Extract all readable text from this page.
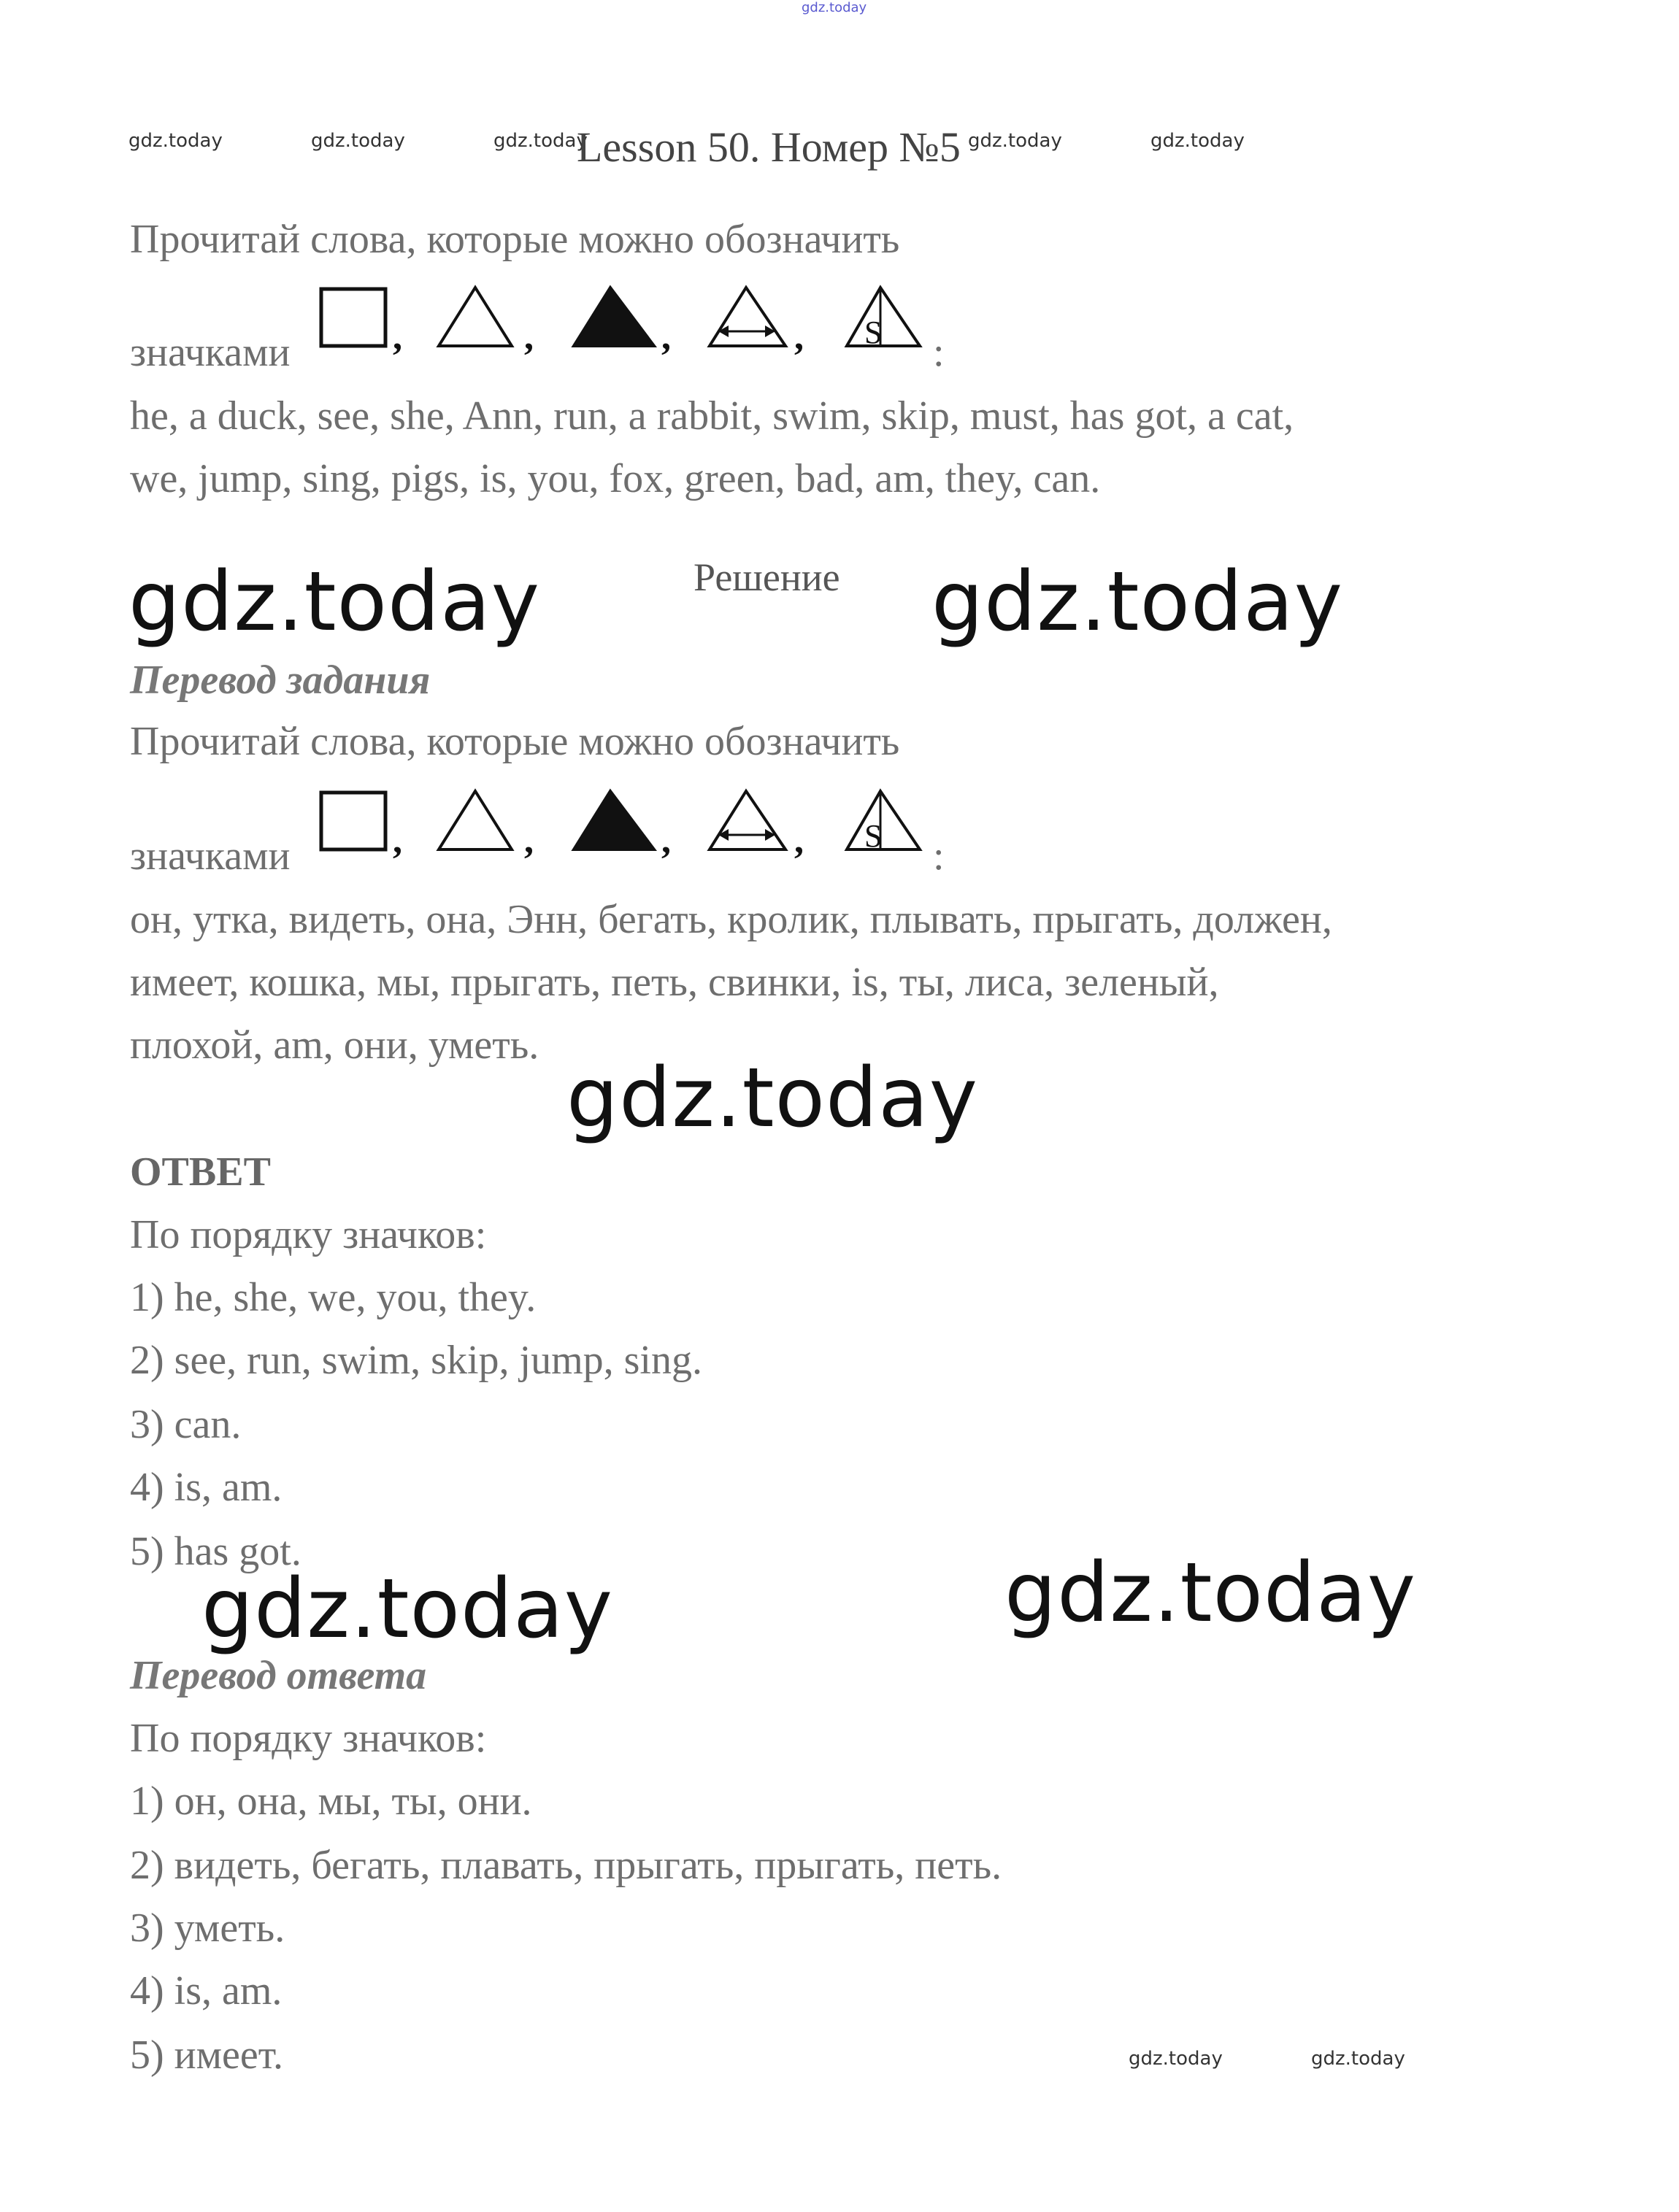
gdz.today
gdz.today	gdz.today	gdz.today	gdz.today	gdz.today
Lesson 50. Номер №5
Прочитай слова, которые можно обозначить
значками	,	,	,	, S :
he, a duck, see, she, Ann, run, a rabbit, swim, skip, must, has got, a cat,
we, jump, sing, pigs, is, you, fox, green, bad, am, they, can.
gdz.today	Решение gdz.today
Перевод задания
Прочитай слова, которые можно обозначить
значками	,	,	,	, S :
он, утка, видеть, она, Энн, бегать, кролик, плывать, прыгать, должен,
имеет, кошка, мы, прыгать, петь, свинки, is, ты, лиса, зеленый,
плохой, am, они, уметь.
gdz.today
ОТВЕТ
По порядку значков:
1) he, she, we, you, they.
2) see, run, swim, skip, jump, sing.
3) can.
4) is, am.
5) has got.
gdz.today	gdz.today
Перевод ответа
По порядку значков:
1) он, она, мы, ты, они.
2) видеть, бегать, плавать, прыгать, прыгать, петь.
3) уметь.
4) is, am.
5) имеет.	gdz.today	gdz.today
